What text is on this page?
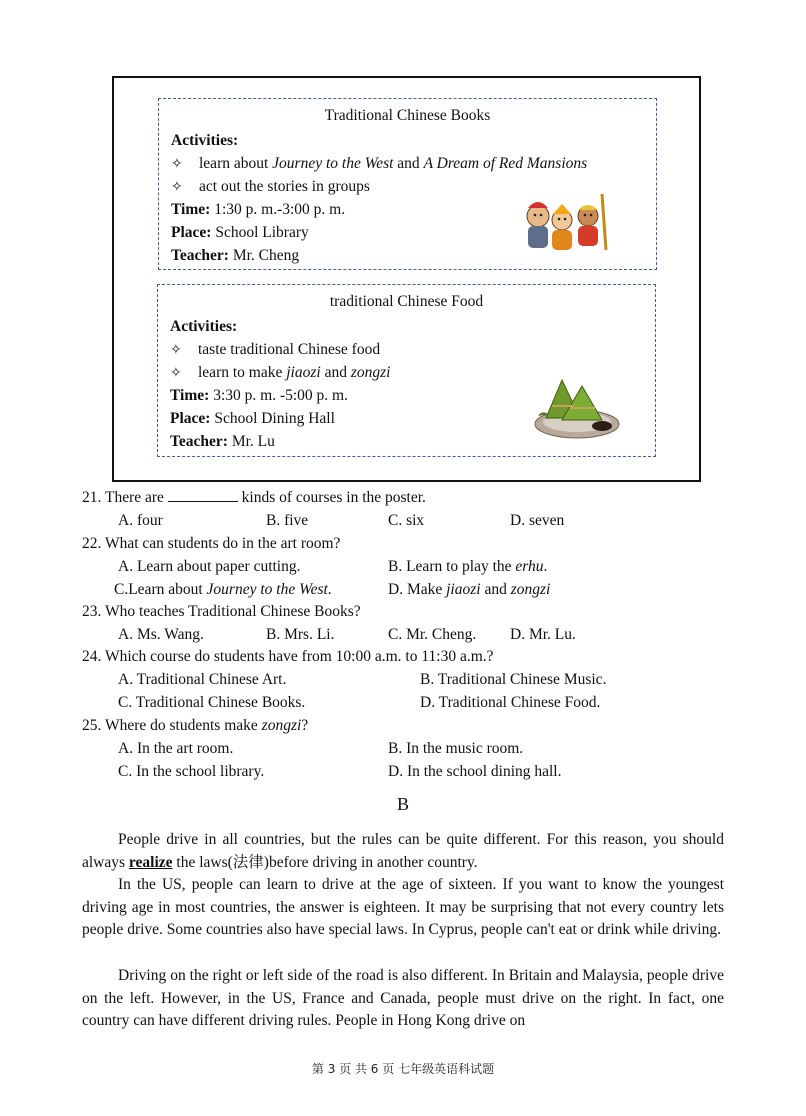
Traditional Chinese Books
Activities:
✧ learn about Journey to the West and A Dream of Red Mansions
✧ act out the stories in groups
Time: 1:30 p. m.-3:00 p. m.
Place: School Library
Teacher: Mr. Cheng
traditional Chinese Food
Activities:
✧ taste traditional Chinese food
✧ learn to make jiaozi and zongzi
Time: 3:30 p. m. -5:00 p. m.
Place: School Dining Hall
Teacher: Mr. Lu
21. There are	kinds of courses in the poster.
A. four	B. five	C. six	D. seven
22. What can students do in the art room?
A. Learn about paper cutting.	B. Learn to play the erhu.
C.Learn about Journey to the West.	D. Make jiaozi and zongzi
23. Who teaches Traditional Chinese Books?
A. Ms. Wang.	B. Mrs. Li.	C. Mr. Cheng. D. Mr. Lu.
24. Which course do students have from 10:00 a.m. to 11:30 a.m.?
A. Traditional Chinese Art.	B. Traditional Chinese Music.
C. Traditional Chinese Books.	D. Traditional Chinese Food.
25. Where do students make zongzi?
A. In the art room.	B. In the music room.
C. In the school library.	D. In the school dining hall.
B

People drive in all countries, but the rules can be quite different. For this reason, you should always realize the laws(法律)before driving in another country.

In the US, people can learn to drive at the age of sixteen. If you want to know the youngest driving age in most countries, the answer is eighteen. It may be surprising that not every country lets people drive. Some countries also have special laws. In Cyprus, people can't eat or drink while driving.

Driving on the right or left side of the road is also different. In Britain and Malaysia, people drive on the left. However, in the US, France and Canada, people must drive on the right. In fact, one country can have different driving rules. People in Hong Kong drive on

第 3 页 共 6 页 七年级英语科试题
